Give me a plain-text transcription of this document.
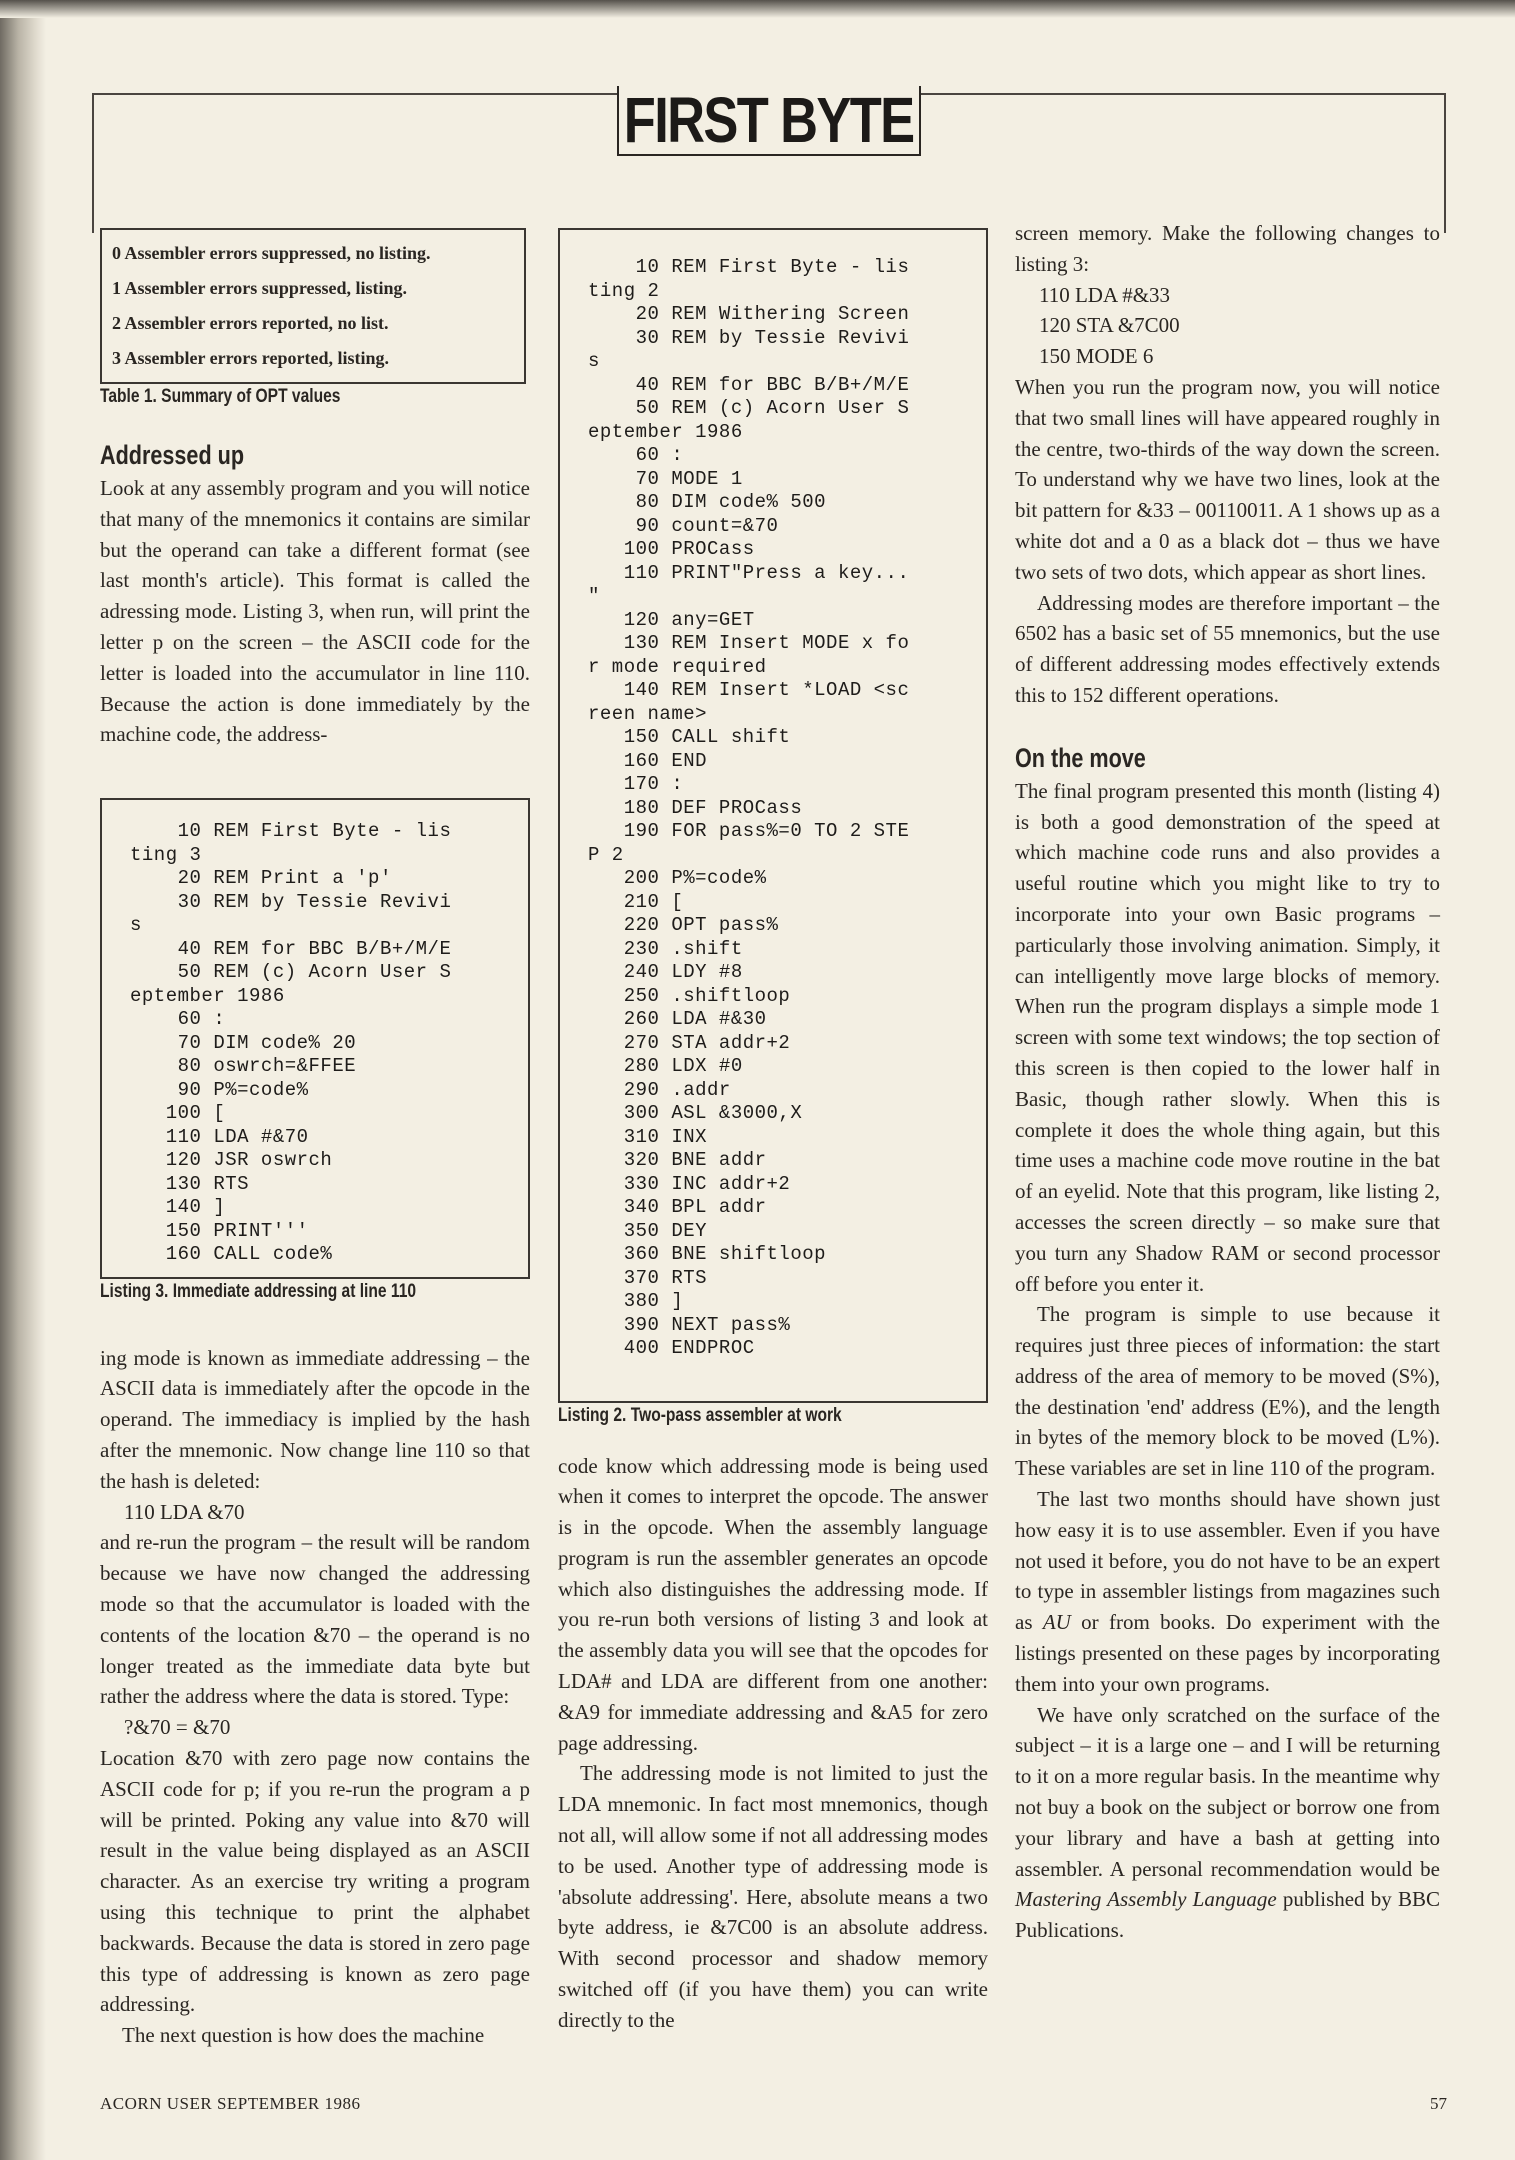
FIRST BYTE
0 Assembler errors suppressed, no listing.
1 Assembler errors suppressed, listing.
2 Assembler errors reported, no list.
3 Assembler errors reported, listing.
Table 1. Summary of OPT values
Addressed up

Look at any assembly program and you will notice that many of the mnemonics it contains are similar but the operand can take a different format (see last month's article). This format is called the adressing mode. Listing 3, when run, will print the letter p on the screen – the ASCII code for the letter is loaded into the accumulator in line 110. Because the action is done immediately by the machine code, the address-

10 REM First Byte - lis
ting 3
20 REM Print a 'p'
30 REM by Tessie Revivi
s
40 REM for BBC B/B+/M/E
50 REM (c) Acorn User S
eptember 1986
60 :
70 DIM code% 20
80 oswrch=&FFEE
90 P%=code%
100 [
110 LDA #&70
120 JSR oswrch
130 RTS
140 ]
150 PRINT'''
160 CALL code%
Listing 3. Immediate addressing at line 110

ing mode is known as immediate addressing – the ASCII data is immediately after the opcode in the operand. The immediacy is implied by the hash after the mnemonic. Now change line 110 so that the hash is deleted:

110 LDA &70

and re-run the program – the result will be random because we have now changed the addressing mode so that the accumulator is loaded with the contents of the location &70 – the operand is no longer treated as the immediate data byte but rather the address where the data is stored. Type:

?&70 = &70

Location &70 with zero page now contains the ASCII code for p; if you re-run the program a p will be printed. Poking any value into &70 will result in the value being displayed as an ASCII character. As an exercise try writing a program using this technique to print the alphabet backwards. Because the data is stored in zero page this type of addressing is known as zero page addressing.

The next question is how does the machine

10 REM First Byte - lis
ting 2
20 REM Withering Screen
30 REM by Tessie Revivi
s
40 REM for BBC B/B+/M/E
50 REM (c) Acorn User S
eptember 1986
60 :
70 MODE 1
80 DIM code% 500
90 count=&70
100 PROCass
110 PRINT"Press a key...
"
120 any=GET
130 REM Insert MODE x fo
r mode required
140 REM Insert *LOAD <sc
reen name>
150 CALL shift
160 END
170 :
180 DEF PROCass
190 FOR pass%=0 TO 2 STE
P 2
200 P%=code%
210 [
220 OPT pass%
230 .shift
240 LDY #8
250 .shiftloop
260 LDA #&30
270 STA addr+2
280 LDX #0
290 .addr
300 ASL &3000,X
310 INX
320 BNE addr
330 INC addr+2
340 BPL addr
350 DEY
360 BNE shiftloop
370 RTS
380 ]
390 NEXT pass%
400 ENDPROC
Listing 2. Two-pass assembler at work

code know which addressing mode is being used when it comes to interpret the opcode. The answer is in the opcode. When the assembly language program is run the assembler generates an opcode which also distinguishes the addressing mode. If you re-run both versions of listing 3 and look at the assembly data you will see that the opcodes for LDA# and LDA are different from one another: &A9 for immediate addressing and &A5 for zero page addressing.

The addressing mode is not limited to just the LDA mnemonic. In fact most mnemonics, though not all, will allow some if not all addressing modes to be used. Another type of addressing mode is 'absolute addressing'. Here, absolute means a two byte address, ie &7C00 is an absolute address. With second processor and shadow memory switched off (if you have them) you can write directly to the

screen memory. Make the following changes to listing 3:

110 LDA #&33
120 STA &7C00
150 MODE 6

When you run the program now, you will notice that two small lines will have appeared roughly in the centre, two-thirds of the way down the screen. To understand why we have two lines, look at the bit pattern for &33 – 00110011. A 1 shows up as a white dot and a 0 as a black dot – thus we have two sets of two dots, which appear as short lines.

Addressing modes are therefore important – the 6502 has a basic set of 55 mnemonics, but the use of different addressing modes effectively extends this to 152 different operations.

On the move

The final program presented this month (listing 4) is both a good demonstration of the speed at which machine code runs and also provides a useful routine which you might like to try to incorporate into your own Basic programs – particularly those involving animation. Simply, it can intelligently move large blocks of memory. When run the program displays a simple mode 1 screen with some text windows; the top section of this screen is then copied to the lower half in Basic, though rather slowly. When this is complete it does the whole thing again, but this time uses a machine code move routine in the bat of an eyelid. Note that this program, like listing 2, accesses the screen directly – so make sure that you turn any Shadow RAM or second processor off before you enter it.

The program is simple to use because it requires just three pieces of information: the start address of the area of memory to be moved (S%), the destination 'end' address (E%), and the length in bytes of the memory block to be moved (L%). These variables are set in line 110 of the program.

The last two months should have shown just how easy it is to use assembler. Even if you have not used it before, you do not have to be an expert to type in assembler listings from magazines such as AU or from books. Do experiment with the listings presented on these pages by incorporating them into your own programs.

We have only scratched on the surface of the subject – it is a large one – and I will be returning to it on a more regular basis. In the meantime why not buy a book on the subject or borrow one from your library and have a bash at getting into assembler. A personal recommendation would be Mastering Assembly Language published by BBC Publications.

ACORN USER SEPTEMBER 1986	57
